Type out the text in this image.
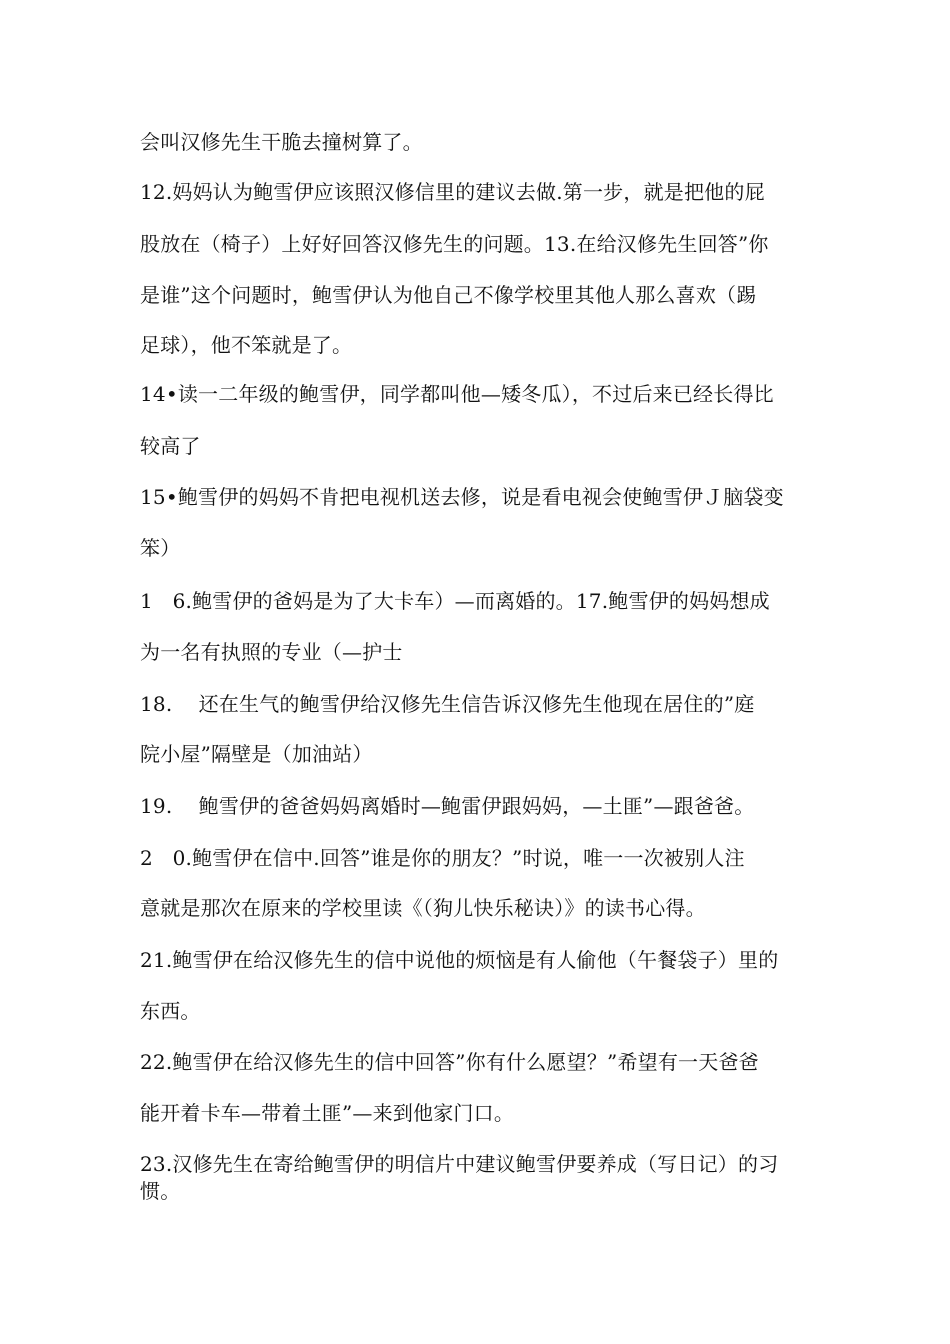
会叫汉修先生干脆去撞树算了。

12.妈妈认为鲍雪伊应该照汉修信里的建议去做.第一步，就是把他的屁

股放在（椅子）上好好回答汉修先生的问题。13.在给汉修先生回答”你

是谁”这个问题时，鲍雪伊认为他自己不像学校里其他人那么喜欢（踢

足球），他不笨就是了。

14•读一二年级的鲍雪伊，同学都叫他—矮冬瓜），不过后来已经长得比

较高了

15•鲍雪伊的妈妈不肯把电视机送去修，说是看电视会使鲍雪伊Ｊ脑袋变

笨）

1   6.鲍雪伊的爸妈是为了大卡车）—而离婚的。17.鲍雪伊的妈妈想成

为一名有执照的专业（—护士

18.    还在生气的鲍雪伊给汉修先生信告诉汉修先生他现在居住的”庭

院小屋”隔壁是（加油站）

19.    鲍雪伊的爸爸妈妈离婚时—鲍雷伊跟妈妈，—土匪”—跟爸爸。

2   0.鲍雪伊在信中.回答”谁是你的朋友？”时说，唯一一次被别人注

意就是那次在原来的学校里读《（狗儿快乐秘诀）》的读书心得。

21.鲍雪伊在给汉修先生的信中说他的烦恼是有人偷他（午餐袋子）里的

东西。

22.鲍雪伊在给汉修先生的信中回答”你有什么愿望？”希望有一天爸爸

能开着卡车—带着土匪”—来到他家门口。

23.汉修先生在寄给鲍雪伊的明信片中建议鲍雪伊要养成（写日记）的习

惯。
